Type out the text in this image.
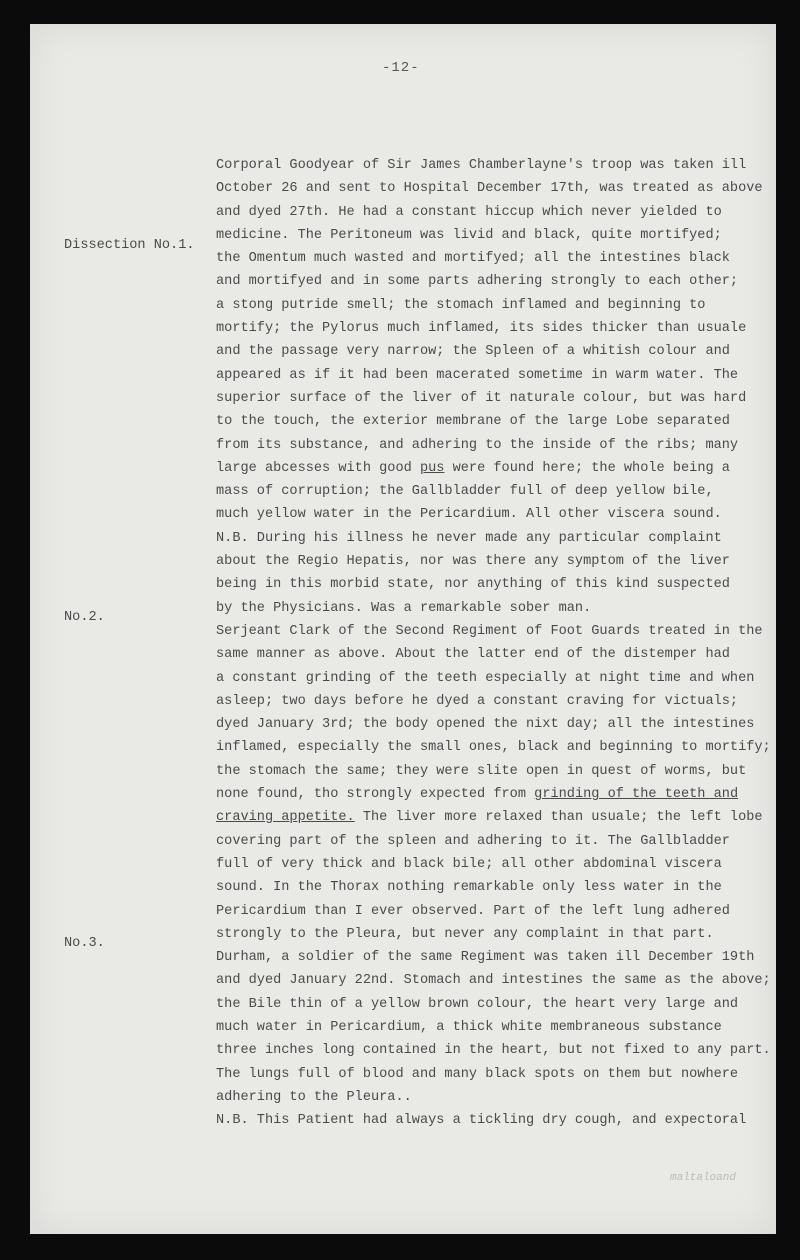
-12-
Dissection No.1.
No.2.
No.3.
Corporal Goodyear of Sir James Chamberlayne's troop was taken ill
October 26 and sent to Hospital December 17th, was treated as above
and dyed 27th. He had a constant hiccup which never yielded to
medicine. The Peritoneum was livid and black, quite mortifyed;
the Omentum much wasted and mortifyed; all the intestines black
and mortifyed and in some parts adhering strongly to each other;
a stong putride smell; the stomach inflamed and beginning to
mortify; the Pylorus much inflamed, its sides thicker than usuale
and the passage very narrow; the Spleen of a whitish colour and
appeared as if it had been macerated sometime in warm water. The
superior surface of the liver of it naturale colour, but was hard
to the touch, the exterior membrane of the large Lobe separated
from its substance, and adhering to the inside of the ribs; many
large abcesses with good pus were found here; the whole being a
mass of corruption; the Gallbladder full of deep yellow bile,
much yellow water in the Pericardium. All other viscera sound.
N.B. During his illness he never made any particular complaint
about the Regio Hepatis, nor was there any symptom of the liver
being in this morbid state, nor anything of this kind suspected
by the Physicians. Was a remarkable sober man.
Serjeant Clark of the Second Regiment of Foot Guards treated in the
same manner as above. About the latter end of the distemper had
a constant grinding of the teeth especially at night time and when
asleep; two days before he dyed a constant craving for victuals;
dyed January 3rd; the body opened the nixt day; all the intestines
inflamed, especially the small ones, black and beginning to mortify;
the stomach the same; they were slite open in quest of worms, but
none found, tho strongly expected from grinding of the teeth and
craving appetite. The liver more relaxed than usuale; the left lobe
covering part of the spleen and adhering to it. The Gallbladder
full of very thick and black bile; all other abdominal viscera
sound. In the Thorax nothing remarkable only less water in the
Pericardium than I ever observed. Part of the left lung adhered
strongly to the Pleura, but never any complaint in that part.
Durham, a soldier of the same Regiment was taken ill December 19th
and dyed January 22nd. Stomach and intestines the same as the above;
the Bile thin of a yellow brown colour, the heart very large and
much water in Pericardium, a thick white membraneous substance
three inches long contained in the heart, but not fixed to any part.
The lungs full of blood and many black spots on them but nowhere
adhering to the Pleura..
N.B. This Patient had always a tickling dry cough, and expectoral
maltaloand
